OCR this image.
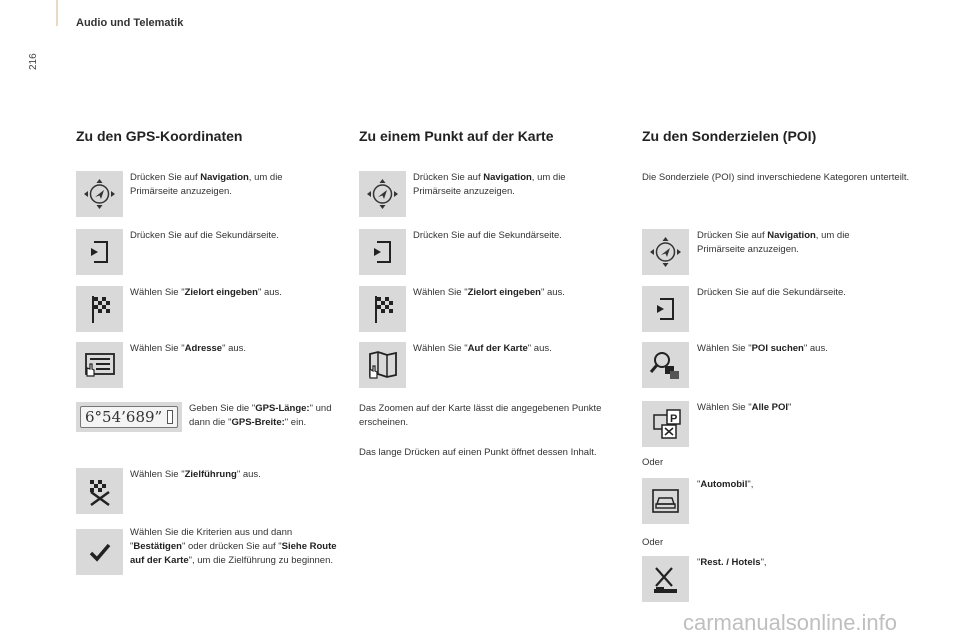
216
Audio und Telematik
Zu den GPS-Koordinaten
Drücken Sie auf Navigation, um die Primärseite anzuzeigen.
Drücken Sie auf die Sekundärseite.
Wählen Sie "Zielort eingeben" aus.
Wählen Sie "Adresse" aus.
6°54’689”	Geben Sie die "GPS-Länge:" und dann die "GPS-Breite:" ein.
Wählen Sie "Zielführung" aus.
Wählen Sie die Kriterien aus und dann "Bestätigen" oder drücken Sie auf "Siehe Route auf der Karte", um die Zielführung zu beginnen.
Zu einem Punkt auf der Karte
Drücken Sie auf Navigation, um die Primärseite anzuzeigen.
Drücken Sie auf die Sekundärseite.
Wählen Sie "Zielort eingeben" aus.
Wählen Sie "Auf der Karte" aus.
Das Zoomen auf der Karte lässt die angegebenen Punkte erscheinen.
Das lange Drücken auf einen Punkt öffnet dessen Inhalt.
Zu den Sonderzielen (POI)
Die Sonderziele (POI) sind inverschiedene Kategoren unterteilt.
Drücken Sie auf Navigation, um die Primärseite anzuzeigen.
Drücken Sie auf die Sekundärseite.
Wählen Sie "POI suchen" aus.
P
Wählen Sie "Alle POI"
Oder
"Automobil",
Oder
"Rest. / Hotels",
carmanualsonline.info
